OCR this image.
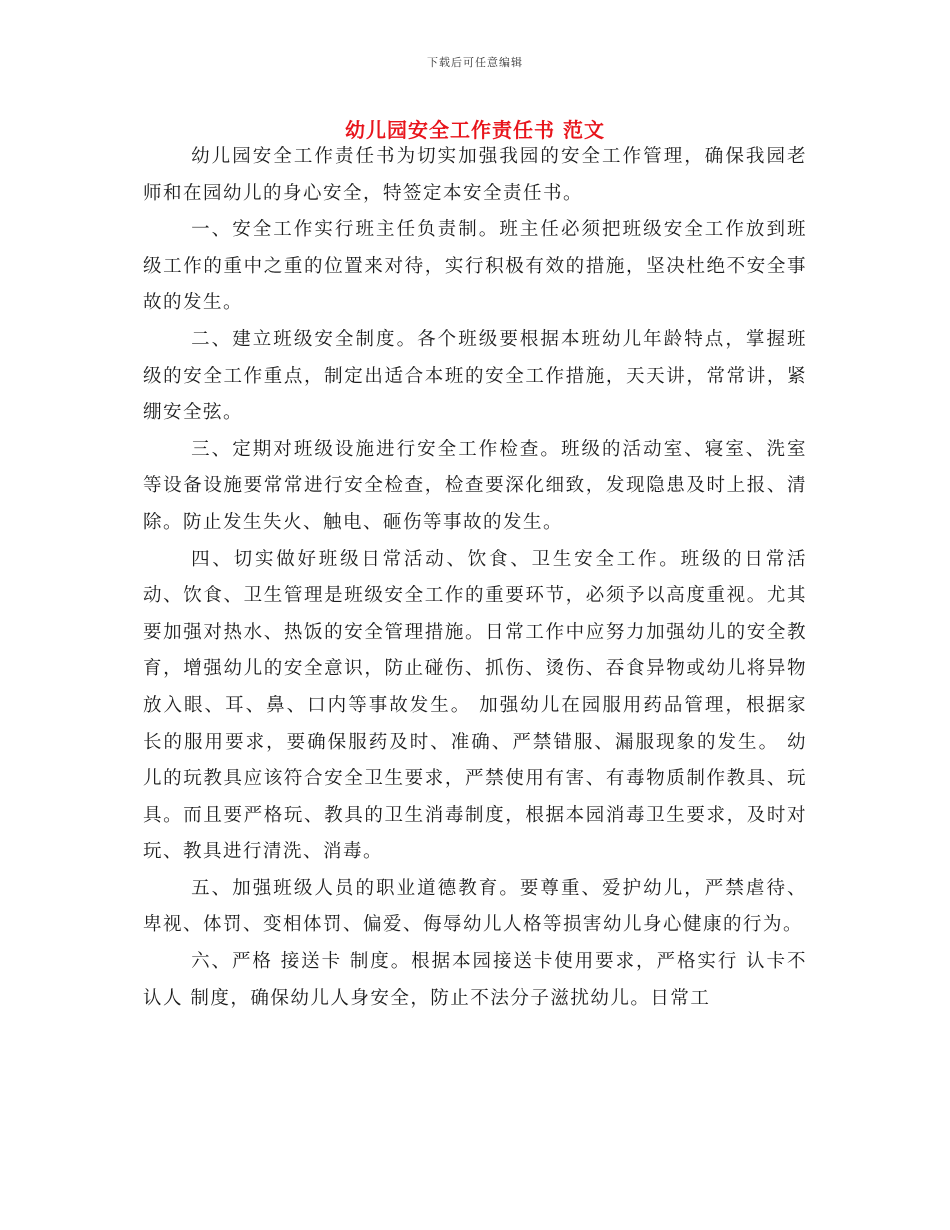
下载后可任意编辑
幼儿园安全工作责任书 范文

幼儿园安全工作责任书为切实加强我园的安全工作管理，确保我园老师和在园幼儿的身心安全，特签定本安全责任书。

一、安全工作实行班主任负责制。班主任必须把班级安全工作放到班级工作的重中之重的位置来对待，实行积极有效的措施，坚决杜绝不安全事故的发生。

二、建立班级安全制度。各个班级要根据本班幼儿年龄特点，掌握班级的安全工作重点，制定出适合本班的安全工作措施，天天讲，常常讲，紧绷安全弦。

三、定期对班级设施进行安全工作检查。班级的活动室、寝室、洗室等设备设施要常常进行安全检查，检查要深化细致，发现隐患及时上报、清除。防止发生失火、触电、砸伤等事故的发生。

四、切实做好班级日常活动、饮食、卫生安全工作。班级的日常活动、饮食、卫生管理是班级安全工作的重要环节，必须予以高度重视。尤其要加强对热水、热饭的安全管理措施。日常工作中应努力加强幼儿的安全教育，增强幼儿的安全意识，防止碰伤、抓伤、烫伤、吞食异物或幼儿将异物放入眼、耳、鼻、口内等事故发生。 加强幼儿在园服用药品管理，根据家长的服用要求，要确保服药及时、准确、严禁错服、漏服现象的发生。 幼儿的玩教具应该符合安全卫生要求，严禁使用有害、有毒物质制作教具、玩具。而且要严格玩、教具的卫生消毒制度，根据本园消毒卫生要求，及时对玩、教具进行清洗、消毒。

五、加强班级人员的职业道德教育。要尊重、爱护幼儿，严禁虐待、卑视、体罚、变相体罚、偏爱、侮辱幼儿人格等损害幼儿身心健康的行为。

六、严格 接送卡 制度。根据本园接送卡使用要求，严格实行 认卡不认人 制度，确保幼儿人身安全，防止不法分子滋扰幼儿。日常工
